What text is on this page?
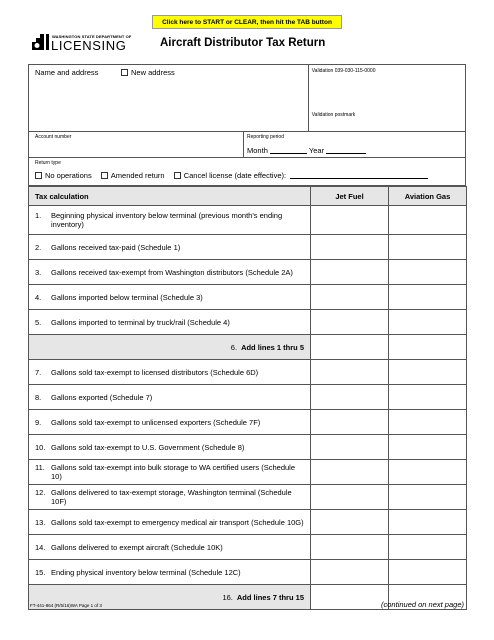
Click here to START or CLEAR, then hit the TAB button
WASHINGTON STATE DEPARTMENT OF
LICENSING	Aircraft Distributor Tax Return
Name and address	New address	Validation 039-030-115-0000
Validation postmark
Account number	Reporting period
Month	Year
Return type
No operations	Amended return	Cancel license (date effective):
Tax calculation	Jet Fuel	Aviation Gas

1. Beginning physical inventory below terminal (previous month's ending inventory)		

2. Gallons received tax-paid (Schedule 1)		

3. Gallons received tax-exempt from Washington distributors (Schedule 2A)		

4. Gallons imported below terminal (Schedule 3)		

5. Gallons imported to terminal by truck/rail (Schedule 4)		

6. Add lines 1 thru 5		

7. Gallons sold tax-exempt to licensed distributors (Schedule 6D)		

8. Gallons exported (Schedule 7)		

9. Gallons sold tax-exempt to unlicensed exporters (Schedule 7F)		

10. Gallons sold tax-exempt to U.S. Government (Schedule 8)		

11. Gallons sold tax-exempt into bulk storage to WA certified users (Schedule 10)		

12. Gallons delivered to tax-exempt storage, Washington terminal (Schedule 10F)		

13. Gallons sold tax-exempt to emergency medical air transport (Schedule 10G)		

14. Gallons delivered to exempt aircraft (Schedule 10K)		

15. Ending physical inventory below terminal (Schedule 12C)		

16. Add lines 7 thru 15		
FT-441-864 (R/5/16)WA Page 1 of 3	(continued on next page)
